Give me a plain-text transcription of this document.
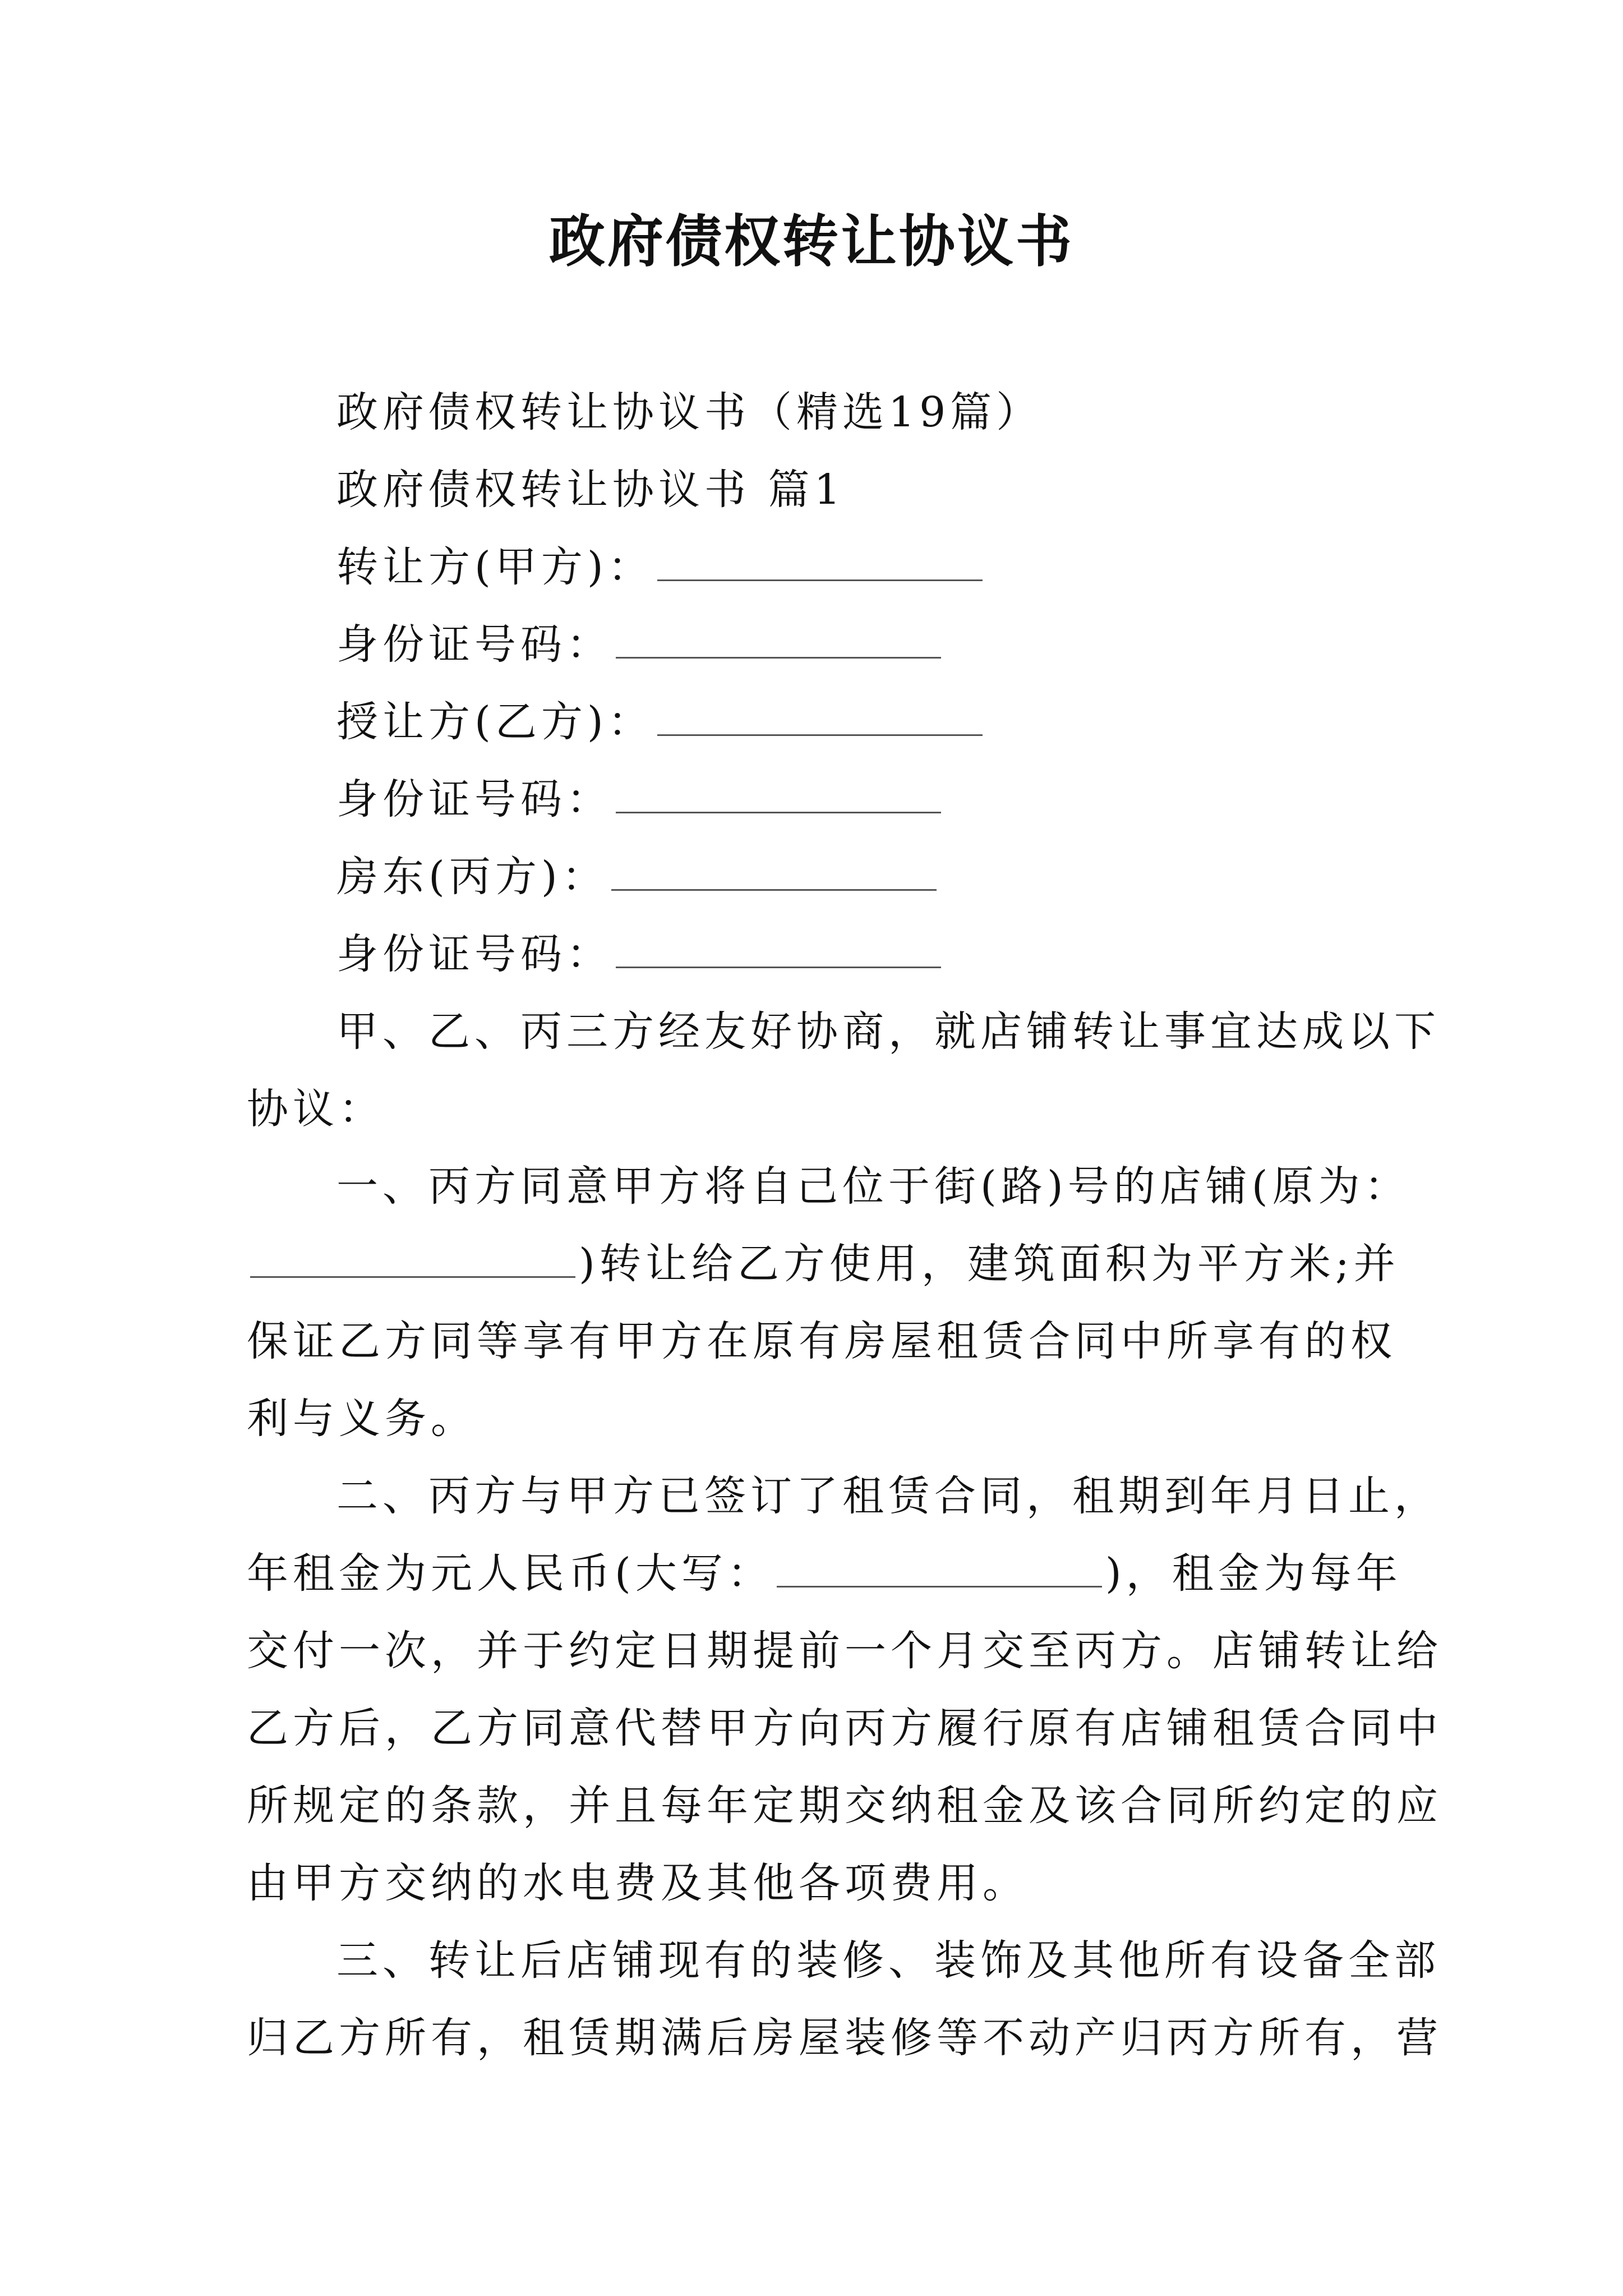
政府债权转让协议书
政府债权转让协议书（精选19篇）
政府债权转让协议书 篇1
转让方(甲方)：
身份证号码：
授让方(乙方)：
身份证号码：
房东(丙方)：
身份证号码：
甲、乙、丙三方经友好协商，就店铺转让事宜达成以下
协议：
一、丙方同意甲方将自己位于街(路)号的店铺(原为：
)转让给乙方使用，建筑面积为平方米;并
保证乙方同等享有甲方在原有房屋租赁合同中所享有的权
利与义务。
二、丙方与甲方已签订了租赁合同，租期到年月日止，
年租金为元人民币(大写：	)，租金为每年
交付一次，并于约定日期提前一个月交至丙方。店铺转让给
乙方后，乙方同意代替甲方向丙方履行原有店铺租赁合同中
所规定的条款，并且每年定期交纳租金及该合同所约定的应
由甲方交纳的水电费及其他各项费用。
三、转让后店铺现有的装修、装饰及其他所有设备全部
归乙方所有，租赁期满后房屋装修等不动产归丙方所有，营
